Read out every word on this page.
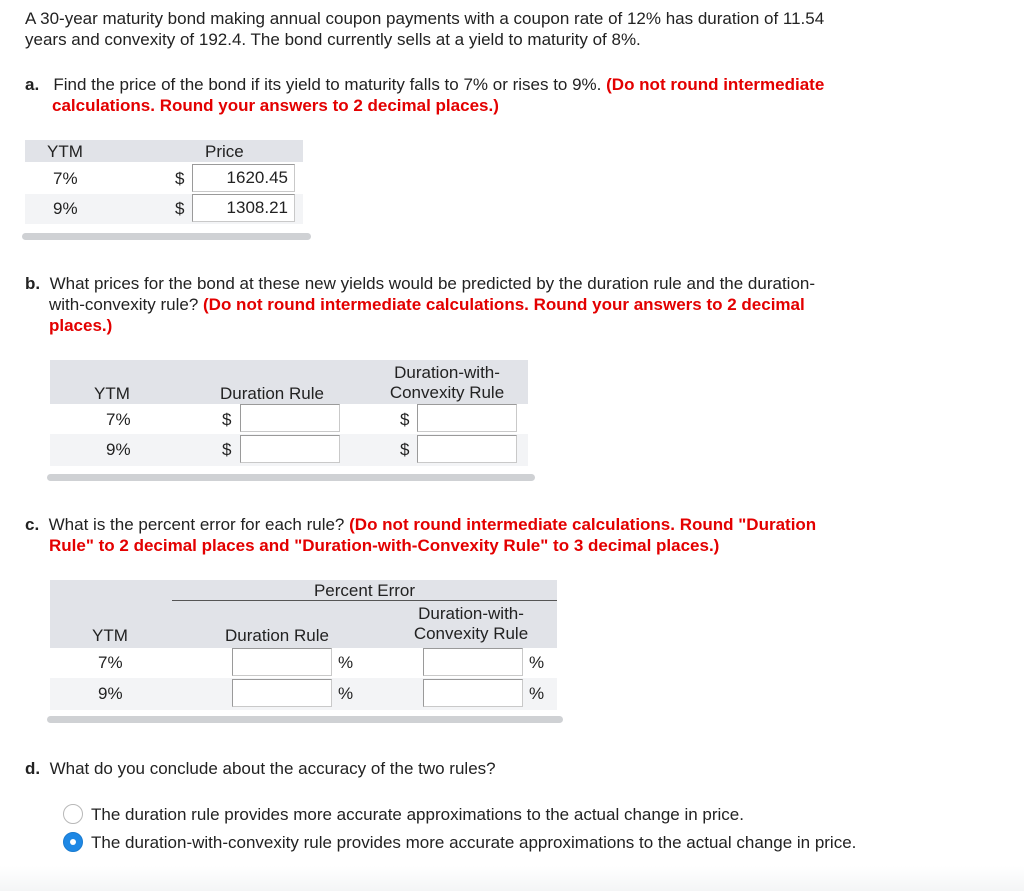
A 30-year maturity bond making annual coupon payments with a coupon rate of 12% has duration of 11.54
years and convexity of 192.4. The bond currently sells at a yield to maturity of 8%.
a. Find the price of the bond if its yield to maturity falls to 7% or rises to 9%. (Do not round intermediate
calculations. Round your answers to 2 decimal places.)
YTM	Price
7%	$	1620.45
9%	$	1308.21
b. What prices for the bond at these new yields would be predicted by the duration rule and the duration-
with-convexity rule? (Do not round intermediate calculations. Round your answers to 2 decimal
places.)
YTM	Duration Rule
Duration-with-
Convexity Rule
7%	$	$
9%	$	$
c. What is the percent error for each rule? (Do not round intermediate calculations. Round "Duration
Rule" to 2 decimal places and "Duration-with-Convexity Rule" to 3 decimal places.)
Percent Error
YTM	Duration Rule
Duration-with-
Convexity Rule
7%	%	%
9%	%	%
d. What do you conclude about the accuracy of the two rules?
The duration rule provides more accurate approximations to the actual change in price.
The duration-with-convexity rule provides more accurate approximations to the actual change in price.
